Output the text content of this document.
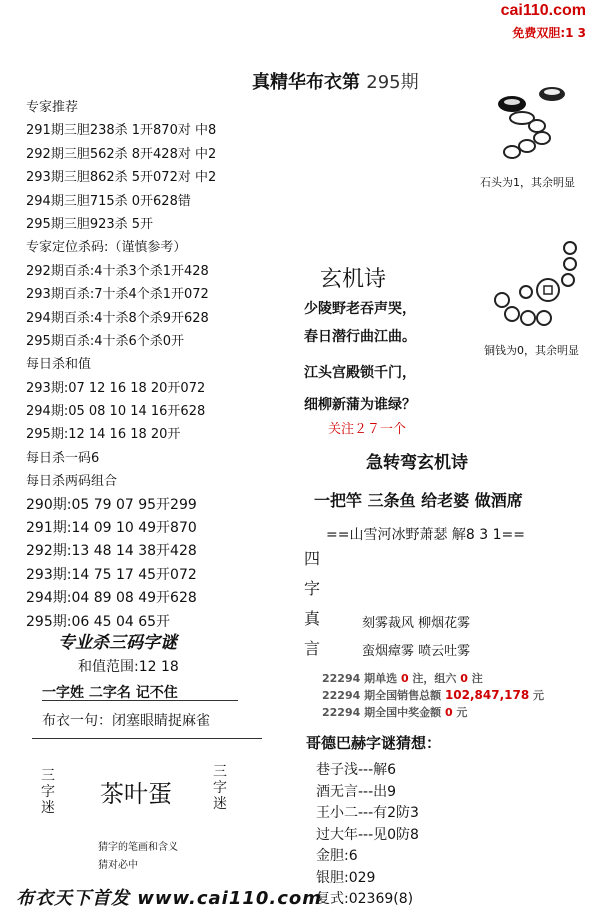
cai110.com
免费双胆:1 3
真精华布衣第 295期
专家推荐
291期三胆238杀 1开870对 中8
292期三胆562杀 8开428对 中2
293期三胆862杀 5开072对 中2
294期三胆715杀 0开628错
295期三胆923杀 5开
专家定位杀码:（谨慎参考）
292期百杀:4十杀3个杀1开428
293期百杀:7十杀4个杀1开072
294期百杀:4十杀8个杀9开628
295期百杀:4十杀6个杀0开
每日杀和值
293期:07 12 16 18 20开072
294期:05 08 10 14 16开628
295期:12 14 16 18 20开
每日杀一码6
每日杀两码组合
290期:05 79 07 95开299
291期:14 09 10 49开870
292期:13 48 14 38开428
293期:14 75 17 45开072
294期:04 89 08 49开628
295期:06 45 04 65开
专业杀三码字谜
和值范围:12 18
一字姓 二字名 记不住
布衣一句：闭塞眼睛捉麻雀
三字迷 茶叶蛋
三字迷
猜字的笔画和含义
猜对必中
布衣天下首发 www.cai110.com
石头为1，其余明显
铜钱为0，其余明显
玄机诗
少陵野老吞声哭，
春日潜行曲江曲。
江头宫殿锁千门，
细柳新蒲为谁绿？
关注２７一个
急转弯玄机诗
一把竿 三条鱼 给老婆 做酒席
==山雪河冰野萧瑟 解8 3 1==
四字真言
刻雾裁风 柳烟花雾
蛮烟瘴雾 喷云吐雾
22294 期单选 0 注，组六 0 注
22294 期全国销售总额 102,847,178 元
22294 期全国中奖金额 0 元
哥德巴赫字谜猜想：
巷子浅---解6
酒无言---出9
王小二---有2防3
过大年---见0防8
金胆:6
银胆:029
复式:02369(8)
